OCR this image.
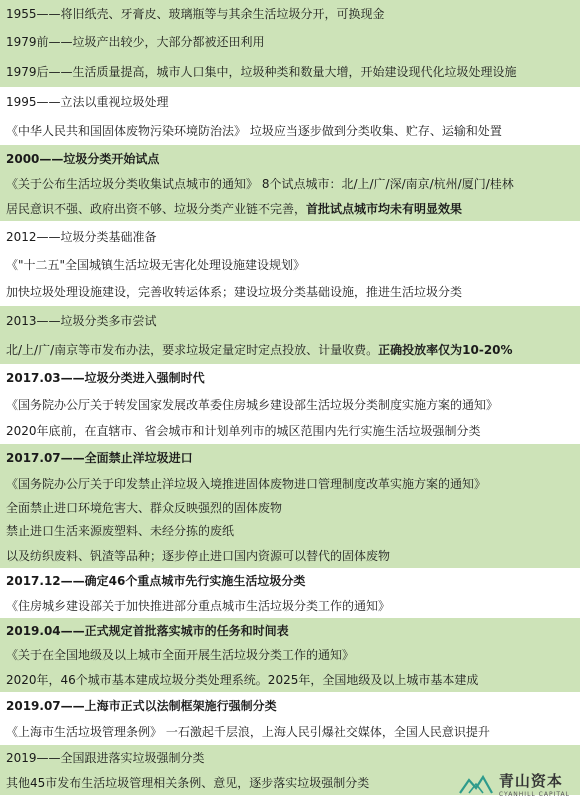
1955——将旧纸壳、牙膏皮、玻璃瓶等与其余生活垃圾分开，可换现金
1979前——垃圾产出较少，大部分都被还田利用
1979后——生活质量提高，城市人口集中，垃圾种类和数量大增，开始建设现代化垃圾处理设施
1995——立法以重视垃圾处理
《中华人民共和国固体废物污染环境防治法》 垃圾应当逐步做到分类收集、贮存、运输和处置
2000——垃圾分类开始试点
《关于公布生活垃圾分类收集试点城市的通知》 8个试点城市：北/上/广/深/南京/杭州/厦门/桂林
居民意识不强、政府出资不够、垃圾分类产业链不完善， 首批试点城市均未有明显效果
2012——垃圾分类基础准备
《"十二五"全国城镇生活垃圾无害化处理设施建设规划》
加快垃圾处理设施建设，完善收转运体系；建设垃圾分类基础设施，推进生活垃圾分类
2013——垃圾分类多市尝试
北/上/广/南京等市发布办法，要求垃圾定量定时定点投放、计量收费。 正确投放率仅为10-20%
2017.03——垃圾分类进入强制时代
《国务院办公厅关于转发国家发展改革委住房城乡建设部生活垃圾分类制度实施方案的通知》
2020年底前，在直辖市、省会城市和计划单列市的城区范围内先行实施生活垃圾强制分类
2017.07——全面禁止洋垃圾进口
《国务院办公厅关于印发禁止洋垃圾入境推进固体废物进口管理制度改革实施方案的通知》
全面禁止进口环境危害大、群众反映强烈的固体废物
禁止进口生活来源废塑料、未经分拣的废纸
以及纺织废料、钒渣等品种；逐步停止进口国内资源可以替代的固体废物
2017.12——确定46个重点城市先行实施生活垃圾分类
《住房城乡建设部关于加快推进部分重点城市生活垃圾分类工作的通知》
2019.04——正式规定首批落实城市的任务和时间表
《关于在全国地级及以上城市全面开展生活垃圾分类工作的通知》
2020年，46个城市基本建成垃圾分类处理系统。2025年，全国地级及以上城市基本建成
2019.07——上海市正式以法制框架施行强制分类
《上海市生活垃圾管理条例》 一石激起千层浪，上海人民引爆社交媒体，全国人民意识提升
2019——全国跟进落实垃圾强制分类
其他45市发布生活垃圾管理相关条例、意见，逐步落实垃圾强制分类	青山资本
CYANHILL CAPITAL
